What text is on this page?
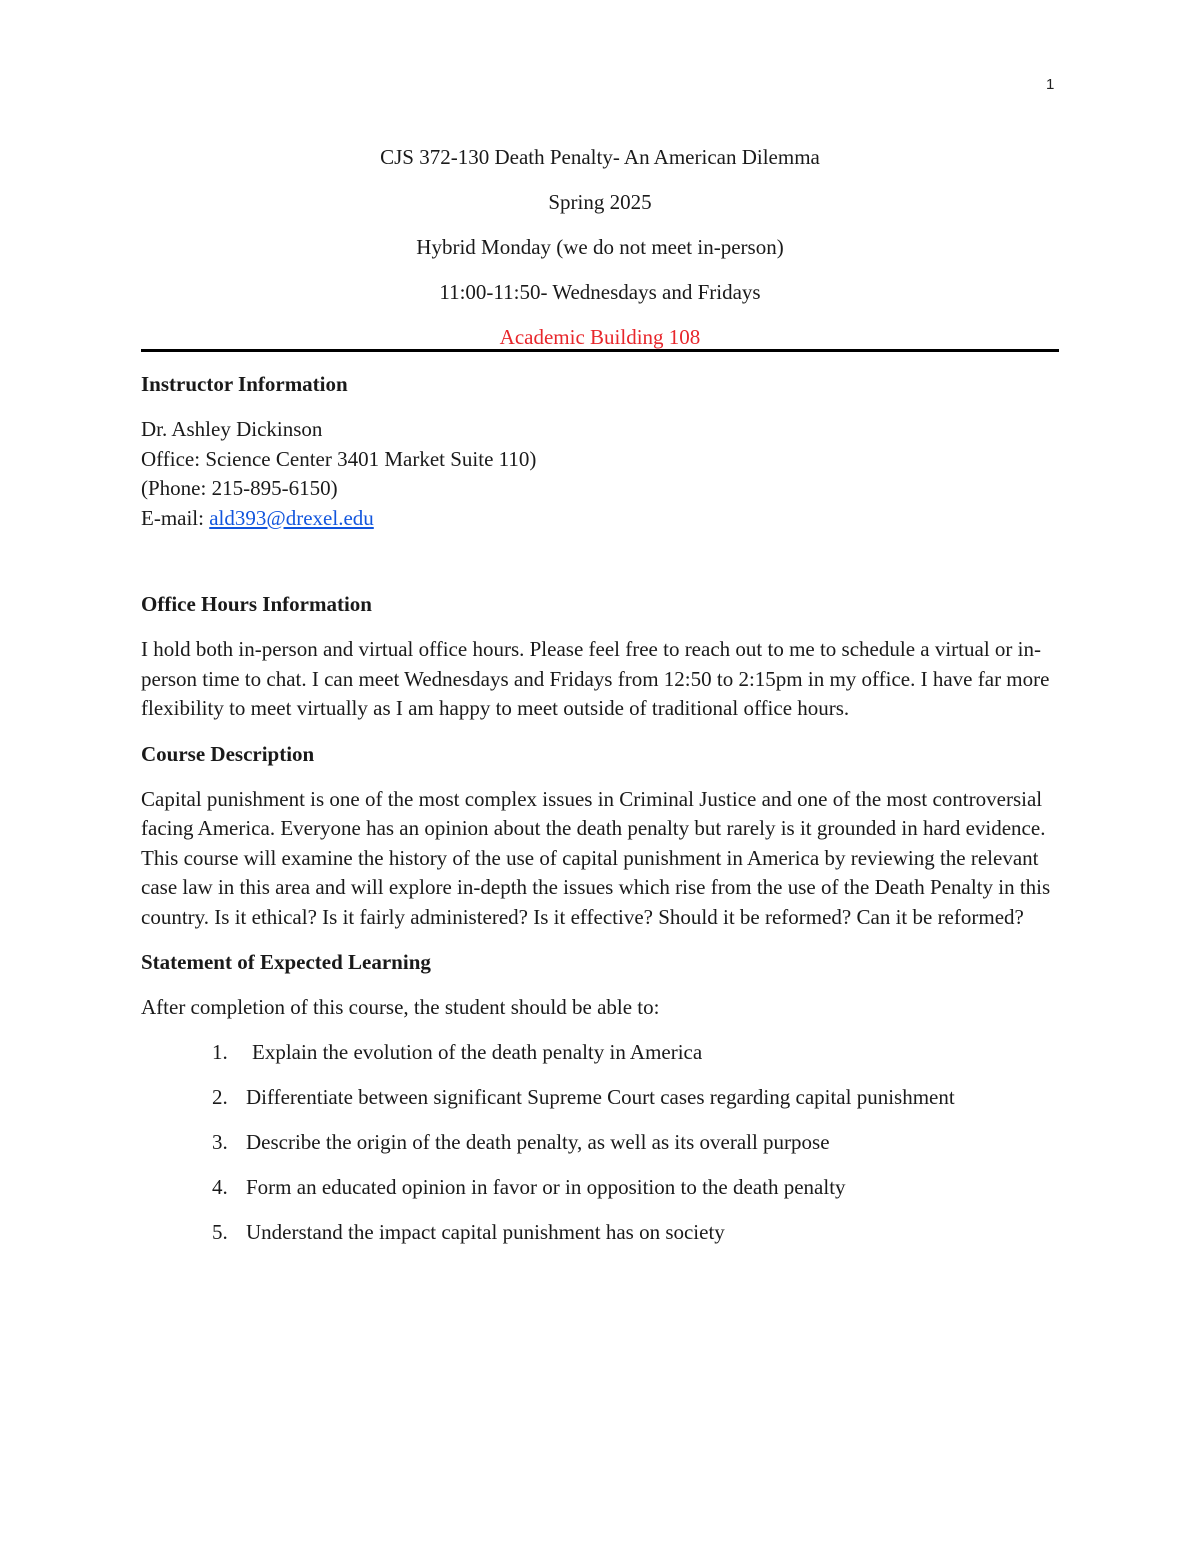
1
CJS 372-130 Death Penalty- An American Dilemma
Spring 2025
Hybrid Monday (we do not meet in-person)
11:00-11:50- Wednesdays and Fridays
Academic Building 108
Instructor Information
Dr. Ashley Dickinson
Office: Science Center 3401 Market Suite 110)
(Phone: 215-895-6150)
E-mail: ald393@drexel.edu
Office Hours Information

I hold both in-person and virtual office hours. Please feel free to reach out to me to schedule a virtual or in-person time to chat. I can meet Wednesdays and Fridays from 12:50 to 2:15pm in my office. I have far more flexibility to meet virtually as I am happy to meet outside of traditional office hours.

Course Description

Capital punishment is one of the most complex issues in Criminal Justice and one of the most controversial facing America. Everyone has an opinion about the death penalty but rarely is it grounded in hard evidence. This course will examine the history of the use of capital punishment in America by reviewing the relevant case law in this area and will explore in-depth the issues which rise from the use of the Death Penalty in this country. Is it ethical? Is it fairly administered? Is it effective? Should it be reformed? Can it be reformed?

Statement of Expected Learning

After completion of this course, the student should be able to:

1. Explain the evolution of the death penalty in America
2. Differentiate between significant Supreme Court cases regarding capital punishment
3. Describe the origin of the death penalty, as well as its overall purpose
4. Form an educated opinion in favor or in opposition to the death penalty
5. Understand the impact capital punishment has on society
